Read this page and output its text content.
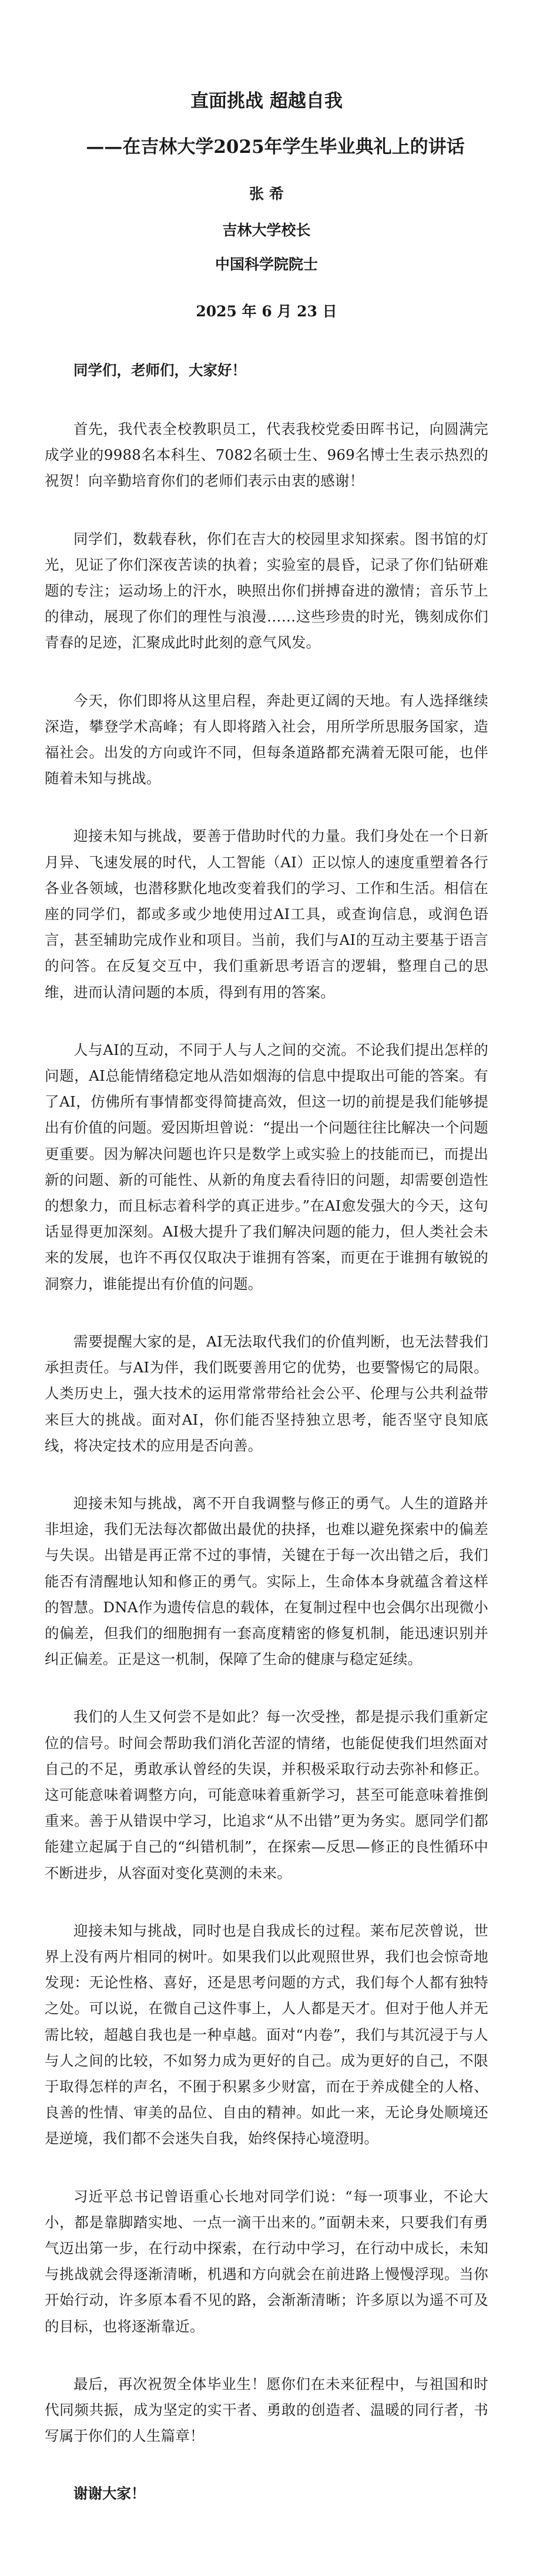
直面挑战 超越自我
——在吉林大学2025年学生毕业典礼上的讲话
张 希
吉林大学校长
中国科学院院士
2025 年 6 月 23 日

同学们，老师们，大家好！

首先，我代表全校教职员工，代表我校党委田晖书记，向圆满完成学业的9988名本科生、7082名硕士生、969名博士生表示热烈的祝贺！向辛勤培育你们的老师们表示由衷的感谢！

同学们，数载春秋，你们在吉大的校园里求知探索。图书馆的灯光，见证了你们深夜苦读的执着；实验室的晨昏，记录了你们钻研难题的专注；运动场上的汗水，映照出你们拼搏奋进的激情；音乐节上的律动，展现了你们的理性与浪漫……这些珍贵的时光，镌刻成你们青春的足迹，汇聚成此时此刻的意气风发。

今天，你们即将从这里启程，奔赴更辽阔的天地。有人选择继续深造，攀登学术高峰；有人即将踏入社会，用所学所思服务国家，造福社会。出发的方向或许不同，但每条道路都充满着无限可能，也伴随着未知与挑战。

迎接未知与挑战，要善于借助时代的力量。我们身处在一个日新月异、飞速发展的时代，人工智能（AI）正以惊人的速度重塑着各行各业各领域，也潜移默化地改变着我们的学习、工作和生活。相信在座的同学们，都或多或少地使用过AI工具，或查询信息，或润色语言，甚至辅助完成作业和项目。当前，我们与AI的互动主要基于语言的问答。在反复交互中，我们重新思考语言的逻辑，整理自己的思维，进而认清问题的本质，得到有用的答案。

人与AI的互动，不同于人与人之间的交流。不论我们提出怎样的问题，AI总能情绪稳定地从浩如烟海的信息中提取出可能的答案。有了AI，仿佛所有事情都变得简捷高效，但这一切的前提是我们能够提出有价值的问题。爱因斯坦曾说：“提出一个问题往往比解决一个问题更重要。因为解决问题也许只是数学上或实验上的技能而已，而提出新的问题、新的可能性、从新的角度去看待旧的问题，却需要创造性的想象力，而且标志着科学的真正进步。”在AI愈发强大的今天，这句话显得更加深刻。AI极大提升了我们解决问题的能力，但人类社会未来的发展，也许不再仅仅取决于谁拥有答案，而更在于谁拥有敏锐的洞察力，谁能提出有价值的问题。

需要提醒大家的是，AI无法取代我们的价值判断，也无法替我们承担责任。与AI为伴，我们既要善用它的优势，也要警惕它的局限。人类历史上，强大技术的运用常常带给社会公平、伦理与公共利益带来巨大的挑战。面对AI，你们能否坚持独立思考，能否坚守良知底线，将决定技术的应用是否向善。

迎接未知与挑战，离不开自我调整与修正的勇气。人生的道路并非坦途，我们无法每次都做出最优的抉择，也难以避免探索中的偏差与失误。出错是再正常不过的事情，关键在于每一次出错之后，我们能否有清醒地认知和修正的勇气。实际上，生命体本身就蕴含着这样的智慧。DNA作为遗传信息的载体，在复制过程中也会偶尔出现微小的偏差，但我们的细胞拥有一套高度精密的修复机制，能迅速识别并纠正偏差。正是这一机制，保障了生命的健康与稳定延续。

我们的人生又何尝不是如此？每一次受挫，都是提示我们重新定位的信号。时间会帮助我们消化苦涩的情绪，也能促使我们坦然面对自己的不足，勇敢承认曾经的失误，并积极采取行动去弥补和修正。这可能意味着调整方向，可能意味着重新学习，甚至可能意味着推倒重来。善于从错误中学习，比追求“从不出错”更为务实。愿同学们都能建立起属于自己的“纠错机制”，在探索—反思—修正的良性循环中不断进步，从容面对变化莫测的未来。

迎接未知与挑战，同时也是自我成长的过程。莱布尼茨曾说，世界上没有两片相同的树叶。如果我们以此观照世界，我们也会惊奇地发现：无论性格、喜好，还是思考问题的方式，我们每个人都有独特之处。可以说，在微自己这件事上，人人都是天才。但对于他人并无需比较，超越自我也是一种卓越。面对“内卷”，我们与其沉浸于与人与人之间的比较，不如努力成为更好的自己。成为更好的自己，不限于取得怎样的声名，不囿于积累多少财富，而在于养成健全的人格、良善的性情、审美的品位、自由的精神。如此一来，无论身处顺境还是逆境，我们都不会迷失自我，始终保持心境澄明。

习近平总书记曾语重心长地对同学们说：“每一项事业，不论大小，都是靠脚踏实地、一点一滴干出来的。”面朝未来，只要我们有勇气迈出第一步，在行动中探索，在行动中学习，在行动中成长，未知与挑战就会得逐渐清晰，机遇和方向就会在前进路上慢慢浮现。当你开始行动，许多原本看不见的路，会渐渐清晰；许多原以为遥不可及的目标，也将逐渐靠近。

最后，再次祝贺全体毕业生！愿你们在未来征程中，与祖国和时代同频共振，成为坚定的实干者、勇敢的创造者、温暖的同行者，书写属于你们的人生篇章！

谢谢大家！
